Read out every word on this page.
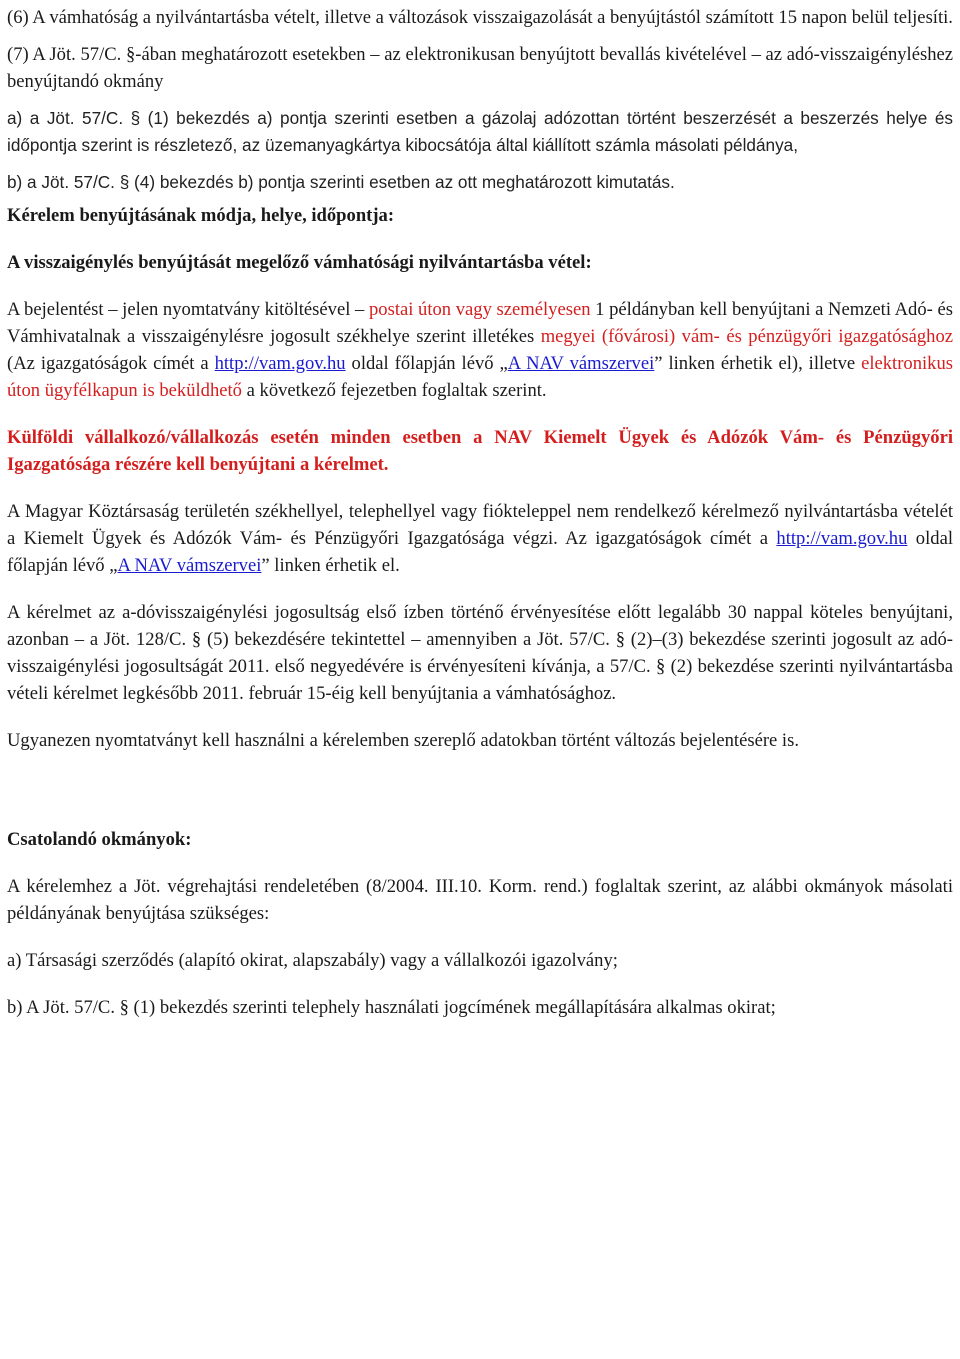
(6) A vámhatóság a nyilvántartásba vételt, illetve a változások visszaigazolását a benyújtástól számított 15 napon belül teljesíti.

(7) A Jöt. 57/C. §-ában meghatározott esetekben – az elektronikusan benyújtott bevallás kivételével – az adó-visszaigényléshez benyújtandó okmány

a) a Jöt. 57/C. § (1) bekezdés a) pontja szerinti esetben a gázolaj adózottan történt beszerzését a beszerzés helye és időpontja szerint is részletező, az üzemanyagkártya kibocsátója által kiállított számla másolati példánya,

b) a Jöt. 57/C. § (4) bekezdés b) pontja szerinti esetben az ott meghatározott kimutatás.

Kérelem benyújtásának módja, helye, időpontja:

A visszaigénylés benyújtását megelőző vámhatósági nyilvántartásba vétel:

A bejelentést – jelen nyomtatvány kitöltésével – postai úton vagy személyesen 1 példányban kell benyújtani a Nemzeti Adó- és Vámhivatalnak a visszaigénylésre jogosult székhelye szerint illetékes megyei (fővárosi) vám- és pénzügyőri igazgatósághoz (Az igazgatóságok címét a http://vam.gov.hu oldal főlapján lévő „A NAV vámszervei” linken érhetik el), illetve elektronikus úton ügyfélkapun is beküldhető a következő fejezetben foglaltak szerint.

Külföldi vállalkozó/vállalkozás esetén minden esetben a NAV Kiemelt Ügyek és Adózók Vám- és Pénzügyőri Igazgatósága részére kell benyújtani a kérelmet.

A Magyar Köztársaság területén székhellyel, telephellyel vagy fiókteleppel nem rendelkező kérelmező nyilvántartásba vételét a Kiemelt Ügyek és Adózók Vám- és Pénzügyőri Igazgatósága végzi. Az igazgatóságok címét a http://vam.gov.hu oldal főlapján lévő „A NAV vámszervei” linken érhetik el.

A kérelmet az a-dóvisszaigénylési jogosultság első ízben történő érvényesítése előtt legalább 30 nappal köteles benyújtani, azonban – a Jöt. 128/C. § (5) bekezdésére tekintettel – amennyiben a Jöt. 57/C. § (2)–(3) bekezdése szerinti jogosult az adó-visszaigénylési jogosultságát 2011. első negyedévére is érvényesíteni kívánja, a 57/C. § (2) bekezdése szerinti nyilvántartásba vételi kérelmet legkésőbb 2011. február 15-éig kell benyújtania a vámhatósághoz.

Ugyanezen nyomtatványt kell használni a kérelemben szereplő adatokban történt változás bejelentésére is.

Csatolandó okmányok:

A kérelemhez a Jöt. végrehajtási rendeletében (8/2004. III.10. Korm. rend.) foglaltak szerint, az alábbi okmányok másolati példányának benyújtása szükséges:

a) Társasági szerződés (alapító okirat, alapszabály) vagy a vállalkozói igazolvány;

b) A Jöt. 57/C. § (1) bekezdés szerinti telephely használati jogcímének megállapítására alkalmas okirat;
